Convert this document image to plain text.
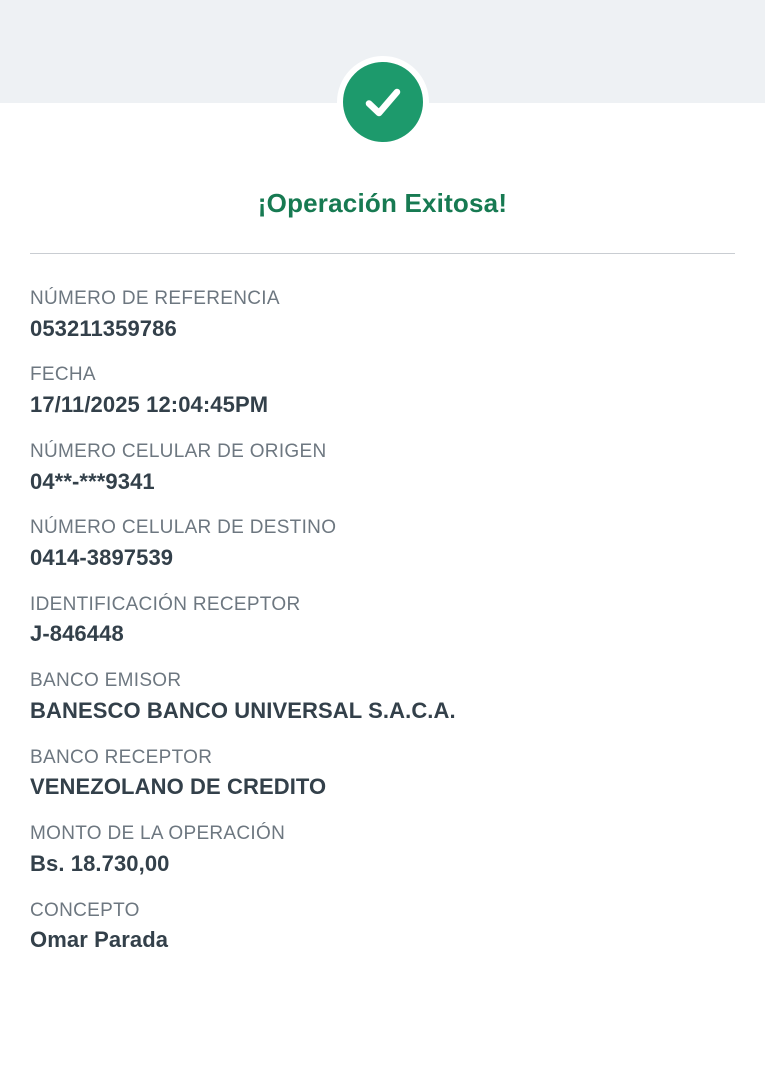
¡Operación Exitosa!
NÚMERO DE REFERENCIA
053211359786
FECHA
17/11/2025 12:04:45PM
NÚMERO CELULAR DE ORIGEN
04**-***9341
NÚMERO CELULAR DE DESTINO
0414-3897539
IDENTIFICACIÓN RECEPTOR
J-846448
BANCO EMISOR
BANESCO BANCO UNIVERSAL S.A.C.A.
BANCO RECEPTOR
VENEZOLANO DE CREDITO
MONTO DE LA OPERACIÓN
Bs. 18.730,00
CONCEPTO
Omar Parada
